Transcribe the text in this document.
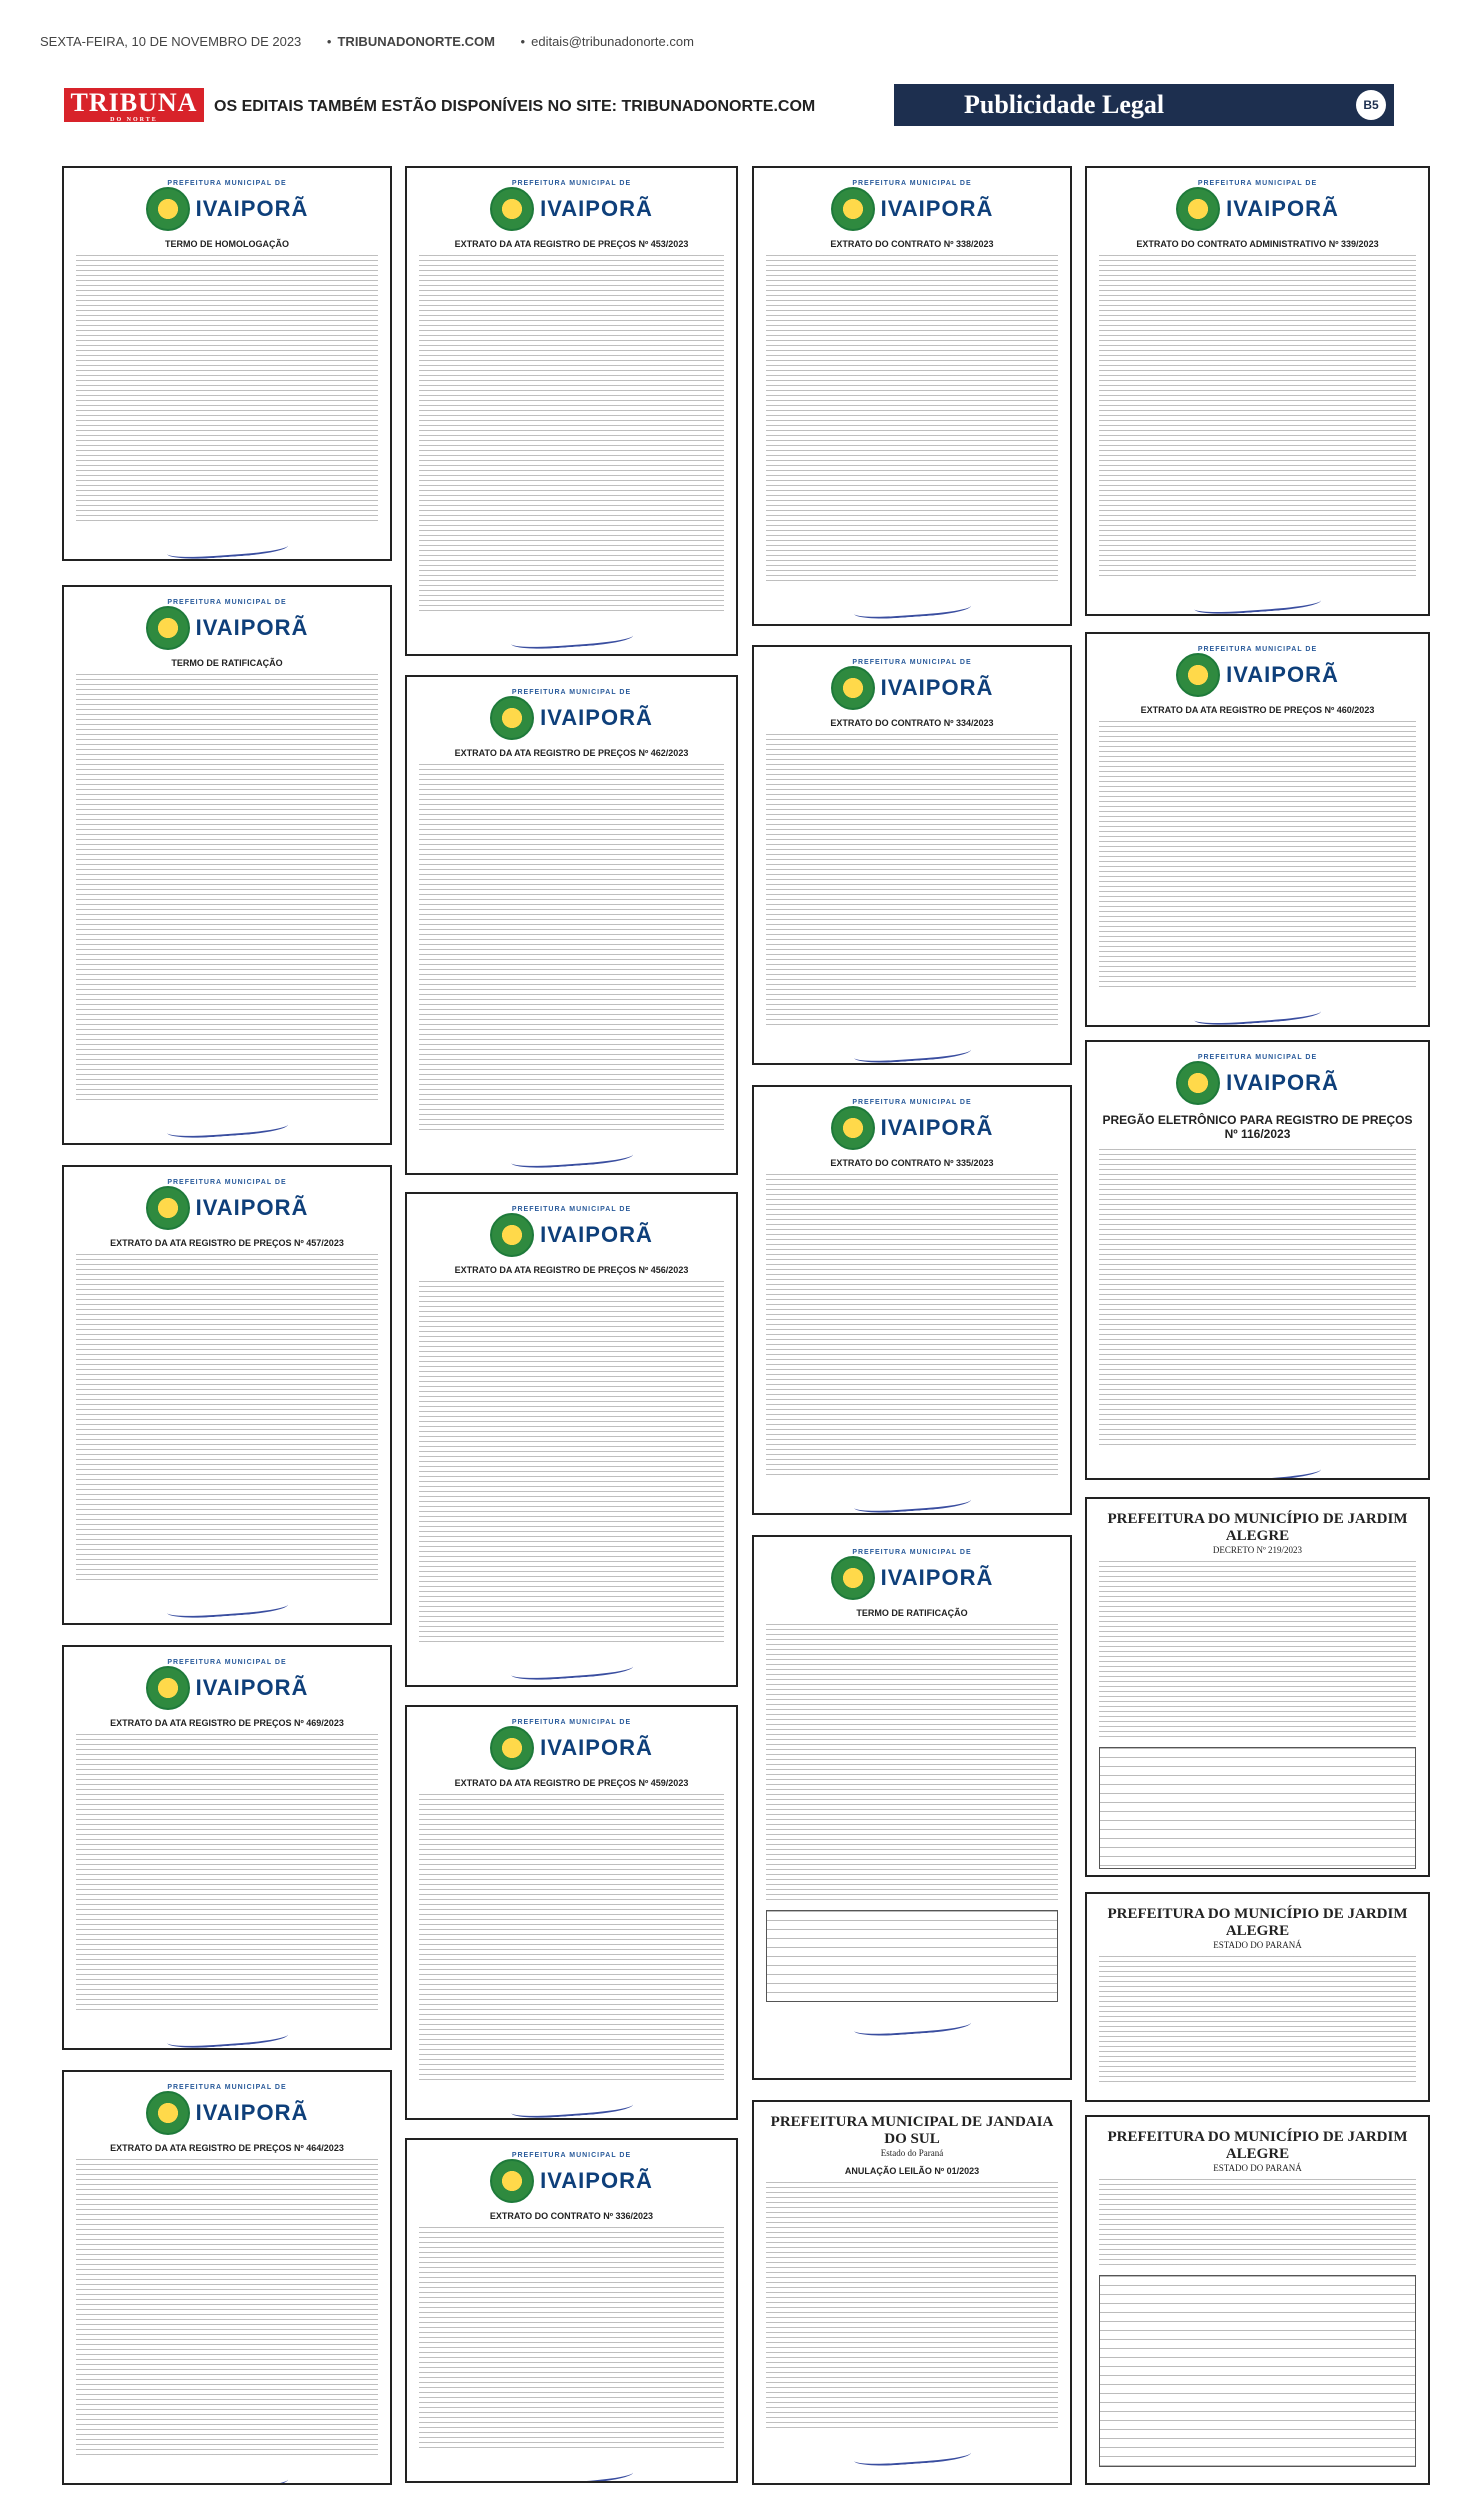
SEXTA-FEIRA, 10 DE NOVEMBRO DE 2023 • TRIBUNADONORTE.COM • editais@tribunadonorte.com
TRIBUNA
DO NORTE
OS EDITAIS TAMBÉM ESTÃO DISPONÍVEIS NO SITE: TRIBUNADONORTE.COM	Publicidade Legal	B5
PREFEITURA MUNICIPAL DE
IVAIPORÃ
TERMO DE HOMOLOGAÇÃO
PREFEITURA MUNICIPAL DE
IVAIPORÃ
TERMO DE RATIFICAÇÃO
PREFEITURA MUNICIPAL DE
IVAIPORÃ
EXTRATO DA ATA REGISTRO DE PREÇOS Nº 457/2023
PREFEITURA MUNICIPAL DE
IVAIPORÃ
EXTRATO DA ATA REGISTRO DE PREÇOS Nº 469/2023
PREFEITURA MUNICIPAL DE
IVAIPORÃ
EXTRATO DA ATA REGISTRO DE PREÇOS Nº 464/2023
PREFEITURA MUNICIPAL DE
IVAIPORÃ
EXTRATO DA ATA REGISTRO DE PREÇOS Nº 453/2023
PREFEITURA MUNICIPAL DE
IVAIPORÃ
EXTRATO DA ATA REGISTRO DE PREÇOS Nº 462/2023
PREFEITURA MUNICIPAL DE
IVAIPORÃ
EXTRATO DA ATA REGISTRO DE PREÇOS Nº 456/2023
PREFEITURA MUNICIPAL DE
IVAIPORÃ
EXTRATO DA ATA REGISTRO DE PREÇOS Nº 459/2023
PREFEITURA MUNICIPAL DE
IVAIPORÃ
EXTRATO DO CONTRATO Nº 336/2023
PREFEITURA MUNICIPAL DE
IVAIPORÃ
EXTRATO DO CONTRATO Nº 338/2023
PREFEITURA MUNICIPAL DE
IVAIPORÃ
EXTRATO DO CONTRATO Nº 334/2023
PREFEITURA MUNICIPAL DE
IVAIPORÃ
EXTRATO DO CONTRATO Nº 335/2023
PREFEITURA MUNICIPAL DE
IVAIPORÃ
TERMO DE RATIFICAÇÃO
PREFEITURA MUNICIPAL DE JANDAIA DO SUL
Estado do Paraná
ANULAÇÃO LEILÃO Nº 01/2023
PREFEITURA MUNICIPAL DE
IVAIPORÃ
EXTRATO DO CONTRATO ADMINISTRATIVO Nº 339/2023
PREFEITURA MUNICIPAL DE
IVAIPORÃ
EXTRATO DA ATA REGISTRO DE PREÇOS Nº 460/2023
PREFEITURA MUNICIPAL DE
IVAIPORÃ
PREGÃO ELETRÔNICO PARA REGISTRO DE PREÇOS Nº 116/2023
PREFEITURA DO MUNICÍPIO DE JARDIM ALEGRE
DECRETO Nº 219/2023
PREFEITURA DO MUNICÍPIO DE JARDIM ALEGRE
ESTADO DO PARANÁ
PREFEITURA DO MUNICÍPIO DE JARDIM ALEGRE
ESTADO DO PARANÁ
